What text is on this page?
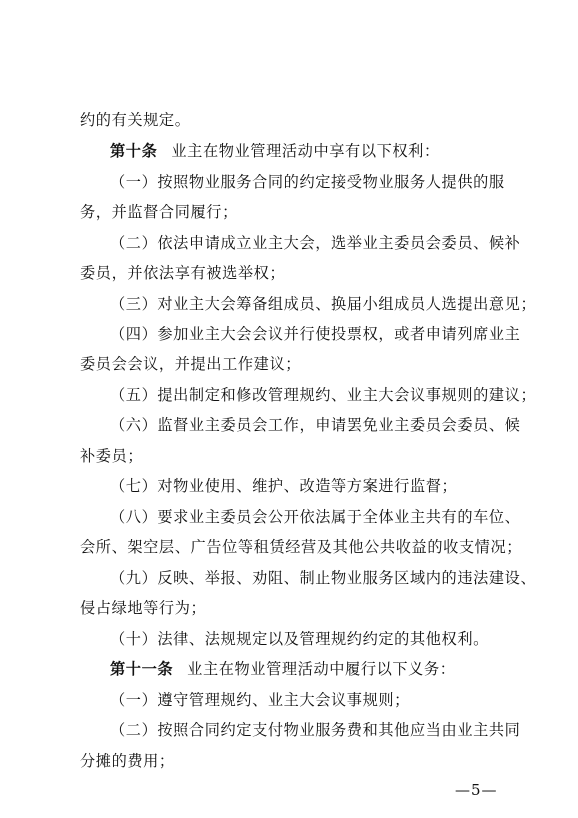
约的有关规定。
第十条 业主在物业管理活动中享有以下权利：
（一）按照物业服务合同的约定接受物业服务人提供的服
务，并监督合同履行；
（二）依法申请成立业主大会，选举业主委员会委员、候补
委员，并依法享有被选举权；
（三）对业主大会筹备组成员、换届小组成员人选提出意见；
（四）参加业主大会会议并行使投票权，或者申请列席业主
委员会会议，并提出工作建议；
（五）提出制定和修改管理规约、业主大会议事规则的建议；
（六）监督业主委员会工作，申请罢免业主委员会委员、候
补委员；
（七）对物业使用、维护、改造等方案进行监督；
（八）要求业主委员会公开依法属于全体业主共有的车位、
会所、架空层、广告位等租赁经营及其他公共收益的收支情况；
（九）反映、举报、劝阻、制止物业服务区域内的违法建设、
侵占绿地等行为；
（十）法律、法规规定以及管理规约约定的其他权利。
第十一条 业主在物业管理活动中履行以下义务：
（一）遵守管理规约、业主大会议事规则；
（二）按照合同约定支付物业服务费和其他应当由业主共同
分摊的费用；
—5—
